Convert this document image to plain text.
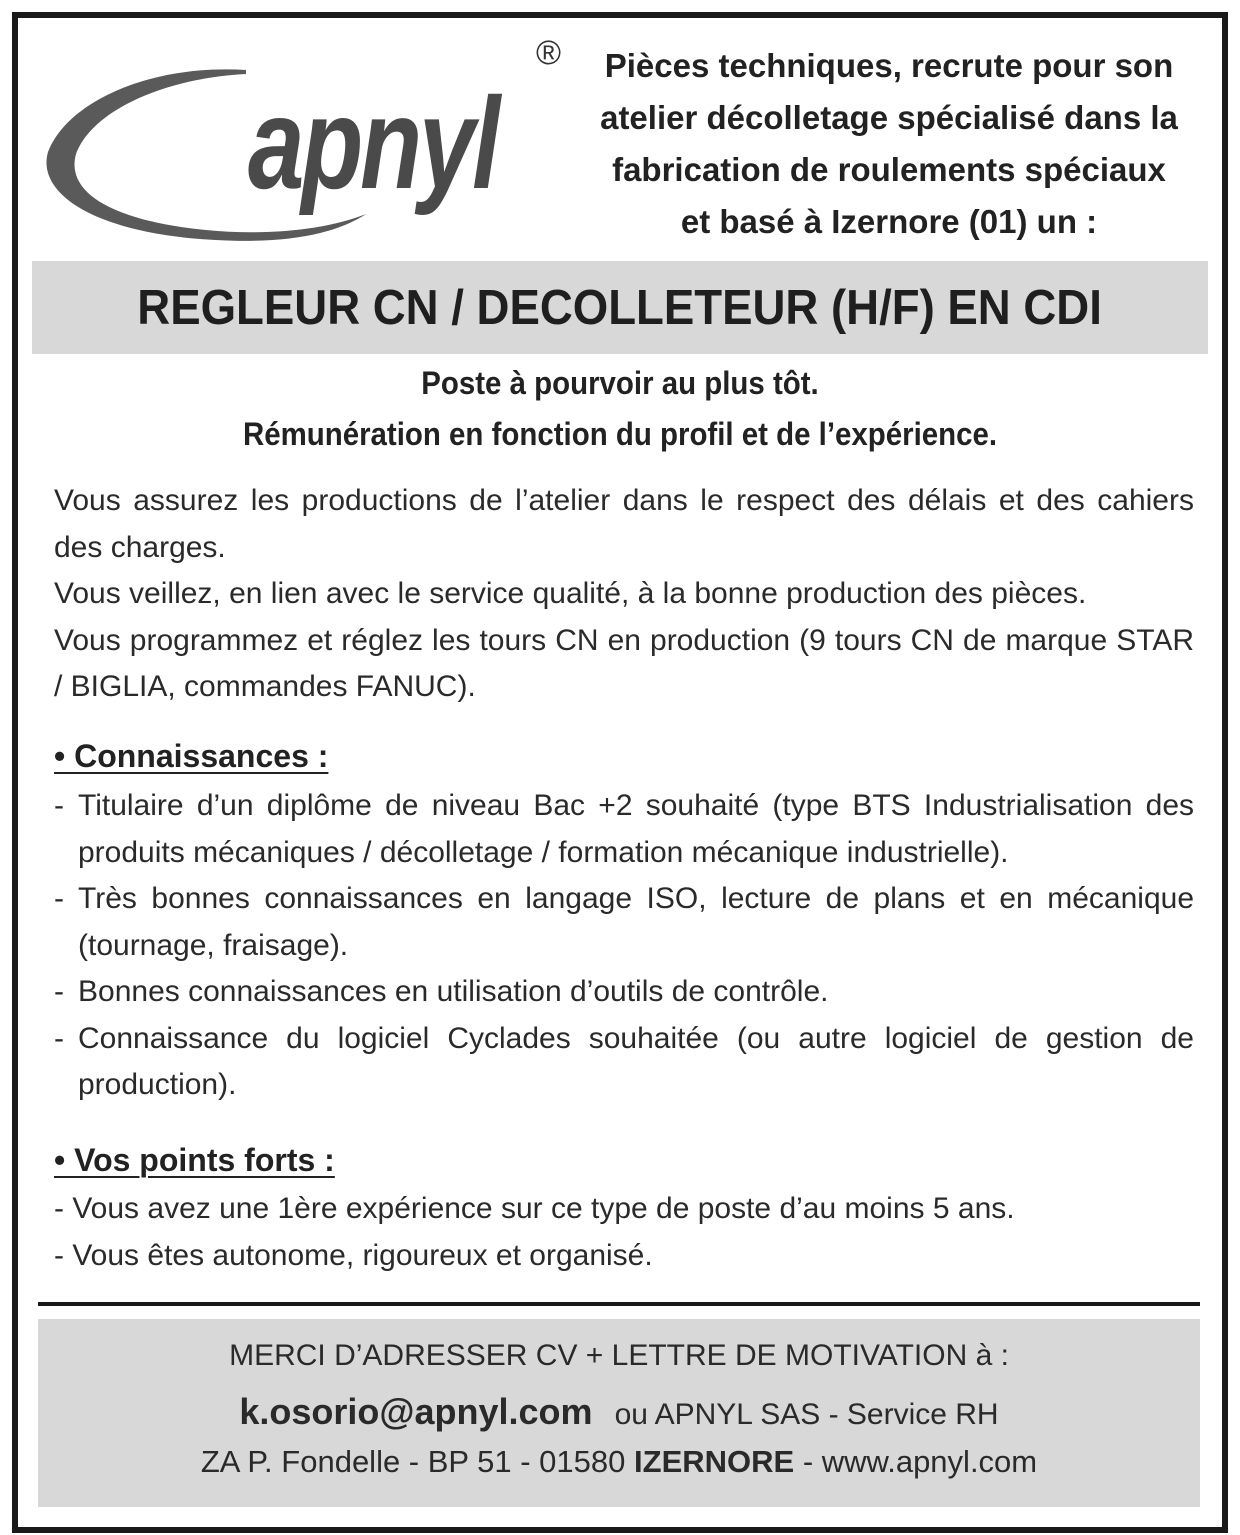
apnyl
®	Pièces techniques, recrute pour son
atelier décolletage spécialisé dans la
fabrication de roulements spéciaux
et basé à Izernore (01) un :
REGLEUR CN / DECOLLETEUR (H/F) EN CDI
Poste à pourvoir au plus tôt.
Rémunération en fonction du profil et de l’expérience.

Vous assurez les productions de l’atelier dans le respect des délais et des cahiers des charges.

Vous veillez, en lien avec le service qualité, à la bonne production des pièces.

Vous programmez et réglez les tours CN en production (9 tours CN de marque STAR / BIGLIA, commandes FANUC).

• Connaissances :
- Titulaire d’un diplôme de niveau Bac +2 souhaité (type BTS Industrialisation des produits mécaniques / décolletage / formation mécanique industrielle).
- Très bonnes connaissances en langage ISO, lecture de plans et en mécanique (tournage, fraisage).
- Bonnes connaissances en utilisation d’outils de contrôle.
- Connaissance du logiciel Cyclades souhaitée (ou autre logiciel de gestion de production).
• Vos points forts :
- Vous avez une 1ère expérience sur ce type de poste d’au moins 5 ans.
- Vous êtes autonome, rigoureux et organisé.
MERCI D’ADRESSER CV + LETTRE DE MOTIVATION à :
k.osorio@apnyl.com ou APNYL SAS - Service RH
ZA P. Fondelle - BP 51 - 01580 IZERNORE - www.apnyl.com
